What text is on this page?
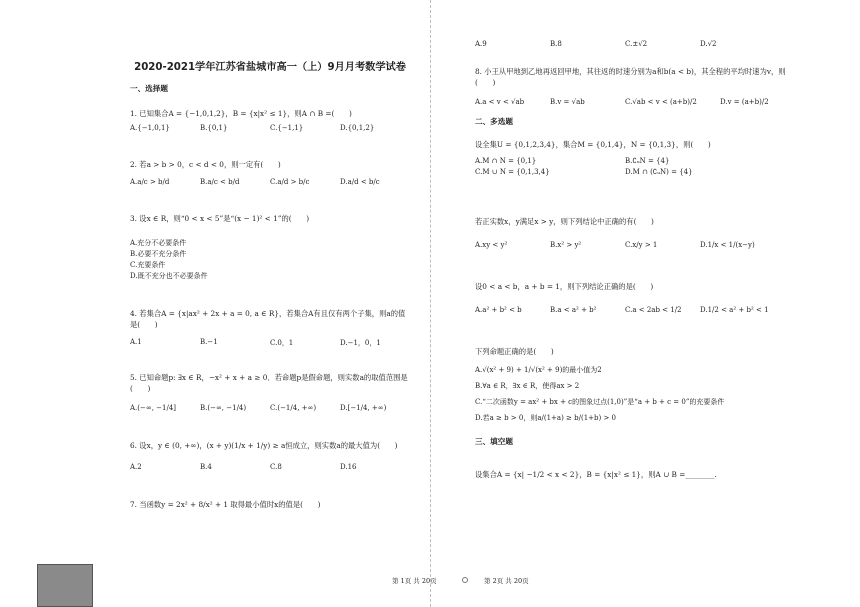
2020-2021学年江苏省盐城市高一（上）9月月考数学试卷
一、选择题
1. 已知集合A = {−1,0,1,2}，B = {x|x² ≤ 1}，则A ∩ B =(　　)
A.{−1,0,1}	B.{0,1}	C.{−1,1}	D.{0,1,2}
2. 若a > b > 0，c < d < 0，则一定有(　　)
A.a/c > b/d	B.a/c < b/d	C.a/d > b/c	D.a/d < b/c
3. 设x ∈ R，则“0 < x < 5”是“(x − 1)² < 1”的(　　)
A.充分不必要条件
B.必要不充分条件
C.充要条件
D.既不充分也不必要条件
4. 若集合A = {x|ax² + 2x + a = 0, a ∈ R}，若集合A有且仅有两个子集，则a的值是(　　)
A.1	B.−1	C.0，1	D.−1，0，1
5. 已知命题p: ∃x ∈ R，−x² + x + a ≥ 0．若命题p是假命题，则实数a的取值范围是(　　)
A.(−∞, −1/4]	B.(−∞, −1/4)	C.(−1/4, +∞)	D.[−1/4, +∞)
6. 设x，y ∈ (0, +∞)，(x + y)(1/x + 1/y) ≥ a恒成立，则实数a的最大值为(　　)
A.2	B.4	C.8	D.16
7. 当函数y = 2x² + 8/x² + 1 取得最小值时x的值是(　　)
A.9	B.8	C.±√2	D.√2
8. 小王从甲地到乙地再返回甲地，其往返的时速分别为a和b(a < b)，其全程的平均时速为v，则(　　)
A.a < v < √ab	B.v = √ab	C.√ab < v < (a+b)/2	D.v = (a+b)/2
二、多选题
设全集U = {0,1,2,3,4}，集合M = {0,1,4}，N = {0,1,3}，则(　　)
A.M ∩ N = {0,1}	B.∁ᵤN = {4}
C.M ∪ N = {0,1,3,4}	D.M ∩ (∁ᵤN) = {4}
若正实数x，y满足x > y，则下列结论中正确的有(　　)
A.xy < y²	B.x² > y²	C.x/y > 1	D.1/x < 1/(x−y)
设0 < a < b，a + b = 1，则下列结论正确的是(　　)
A.a² + b² < b	B.a < a² + b²	C.a < 2ab < 1/2	D.1/2 < a² + b² < 1
下列命题正确的是(　　)
A.√(x² + 9) + 1/√(x² + 9)的最小值为2
B.∀a ∈ R，∃x ∈ R，使得ax > 2
C.“二次函数y = ax² + bx + c的图象过点(1,0)”是“a + b + c = 0”的充要条件
D.若a ≥ b > 0，则a/(1+a) ≥ b/(1+b) > 0
三、填空题
设集合A = {x| −1/2 < x < 2}，B = {x|x² ≤ 1}，则A ∪ B =________.
第 1页 共 20页	第 2页 共 20页
